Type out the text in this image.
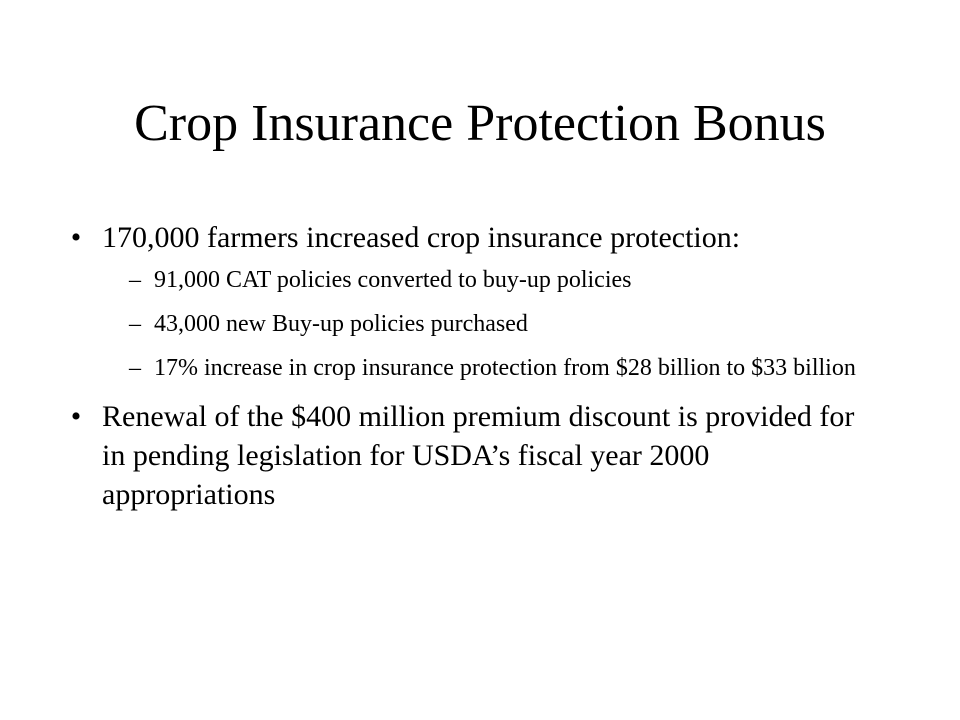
Crop Insurance Protection Bonus
• 170,000 farmers increased crop insurance protection:
– 91,000 CAT policies converted to buy-up policies
– 43,000 new Buy-up policies purchased
– 17% increase in crop insurance protection from $28 billion to $33 billion
• Renewal of the $400 million premium discount is provided for in pending legislation for USDA’s fiscal year 2000 appropriations
